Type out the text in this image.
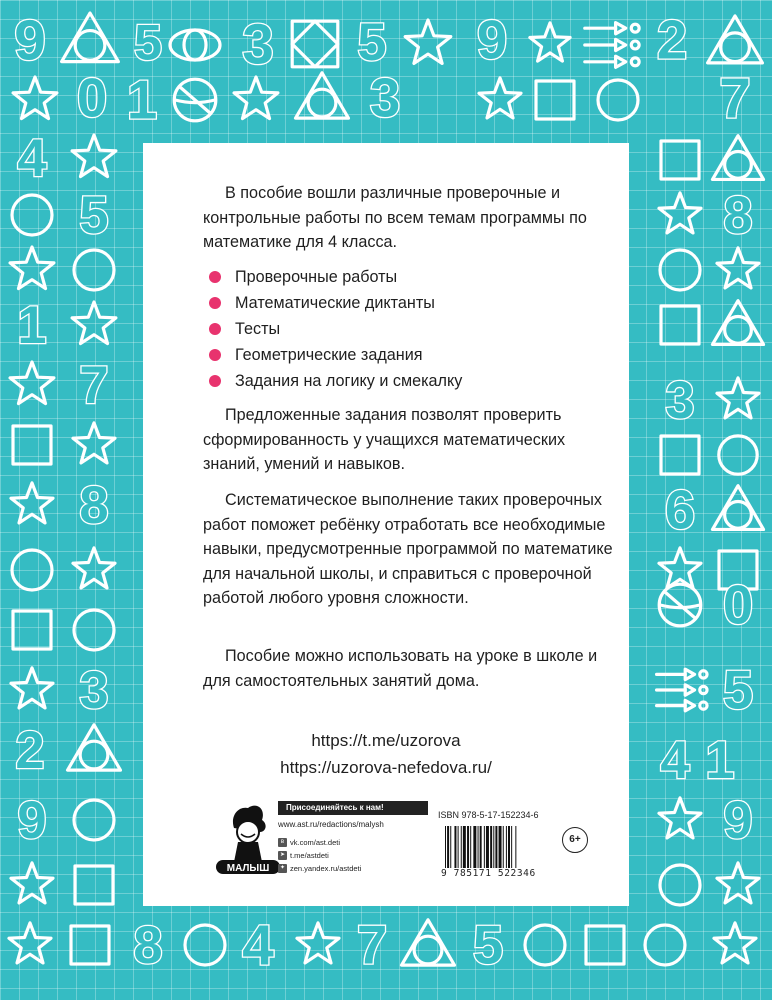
9 5 3 5 9	2
0 1	3	7
4
5	8
1
7	3
8	6
0
3	5
2	4 1
9	9
8 4 7 5

В пособие вошли различные проверочные и контрольные работы по всем темам программы по математике для 4 класса.

Проверочные работы
Математические диктанты
Тесты
Геометрические задания
Задания на логику и смекалку

Предложенные задания позволят проверить сформированность у учащихся математических знаний, умений и навыков.

Систематическое выполнение таких проверочных работ поможет ребёнку отработать все необходимые навыки, предусмотренные программой по математике для начальной школы, и справиться с проверочной работой любого уровня сложности.

Пособие можно использовать на уроке в школе и для самостоятельных занятий дома.

https://t.me/uzorova
https://uzorova-nefedova.ru/
МАЛЫШ
Присоединяйтесь к нам!
www.ast.ru/redactions/malysh
в vk.com/ast.deti
➤ t.me/astdeti
✦ zen.yandex.ru/astdeti
ISBN 978-5-17-152234-6
9 785171 522346
6+
